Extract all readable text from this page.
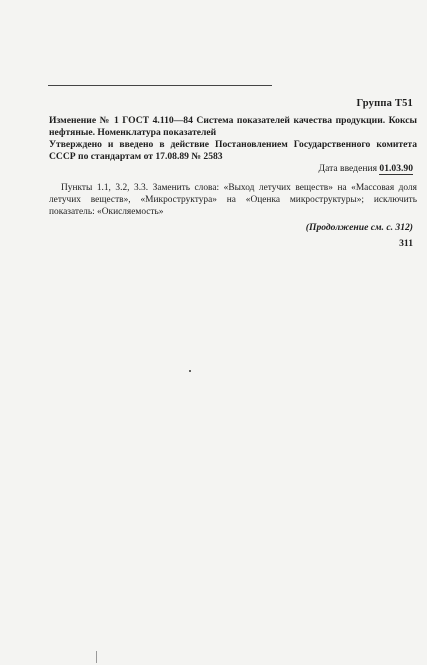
Группа Т51
Изменение № 1 ГОСТ 4.110—84 Система показателей качества продукции. Коксы нефтяные. Номенклатура показателей
Утверждено и введено в действие Постановлением Государственного комитета СССР по стандартам от 17.08.89 № 2583
Дата введения 01.03.90
Пункты 1.1, 3.2, 3.3. Заменить слова: «Выход летучих веществ» на «Массовая доля летучих веществ», «Микроструктура» на «Оценка микроструктуры»; исключить показатель: «Окисляемость»
(Продолжение см. с. 312)
311
